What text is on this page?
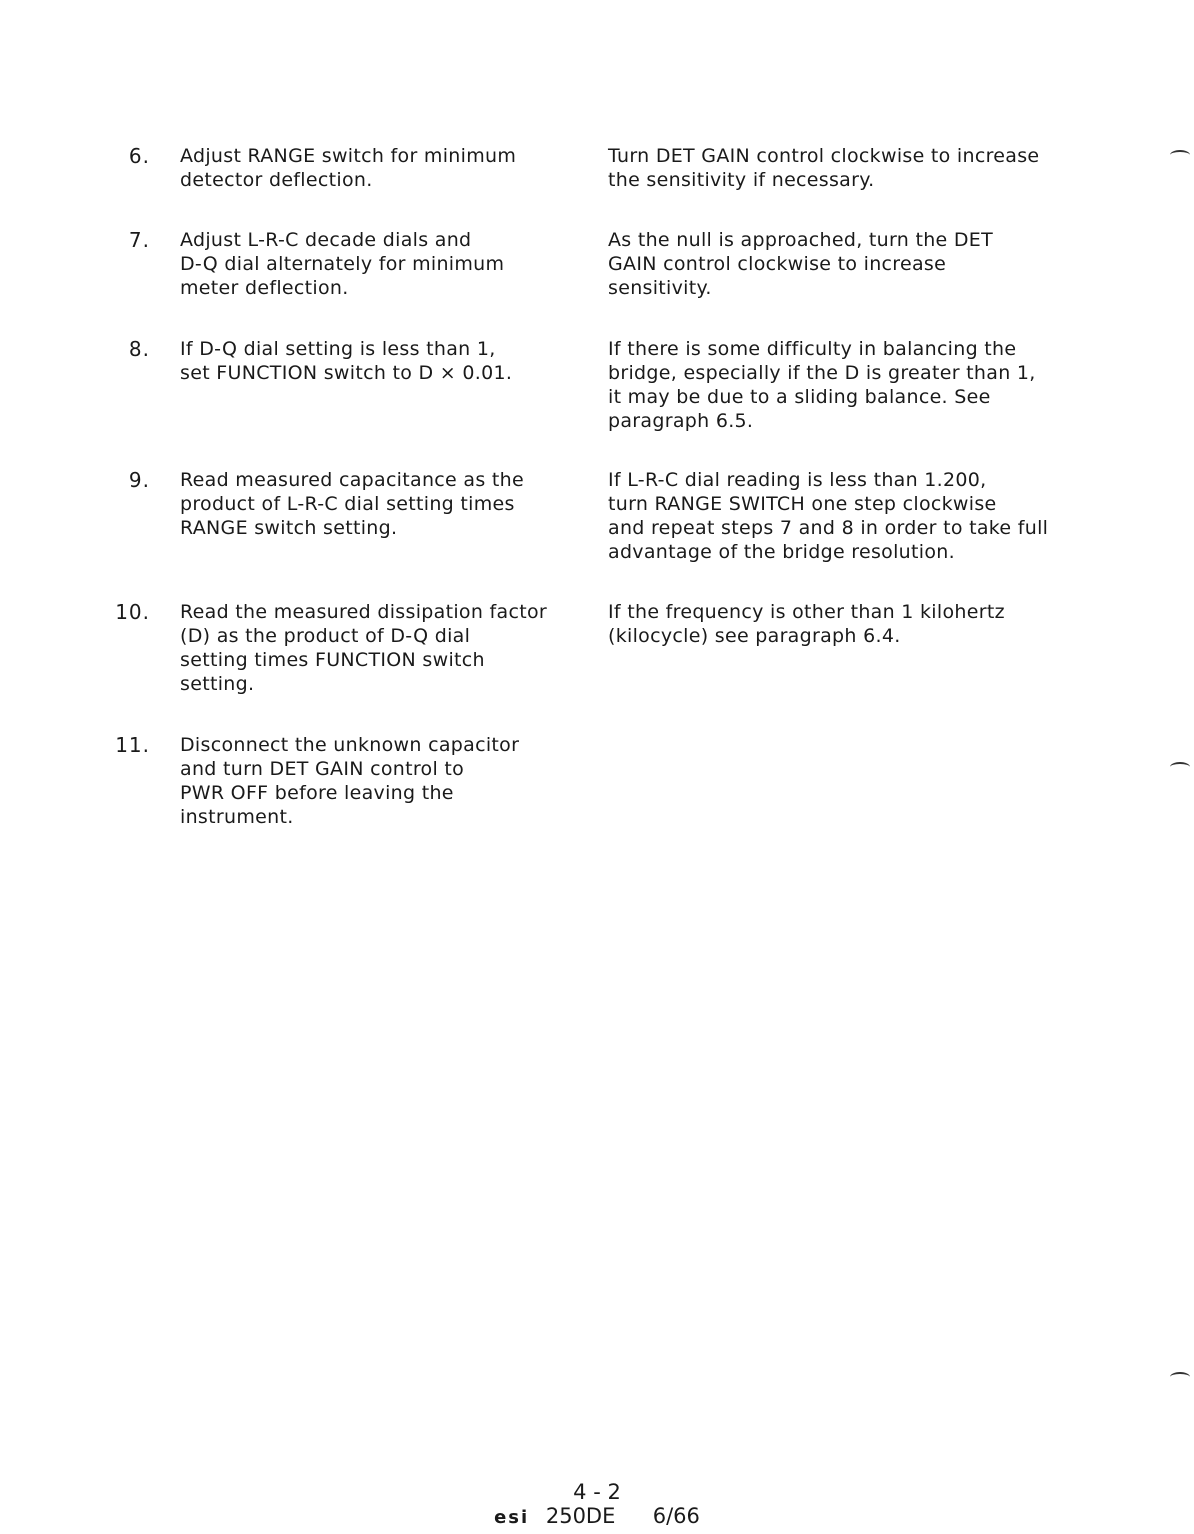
6. Adjust RANGE switch for minimum
detector deflection.
Turn DET GAIN control clockwise to increase
the sensitivity if necessary.
7. Adjust L-R-C decade dials and
D-Q dial alternately for minimum
meter deflection.
As the null is approached, turn the DET
GAIN control clockwise to increase
sensitivity.
8. If D-Q dial setting is less than 1,
set FUNCTION switch to D × 0.01.
If there is some difficulty in balancing the
bridge, especially if the D is greater than 1,
it may be due to a sliding balance. See
paragraph 6.5.
9. Read measured capacitance as the
product of L-R-C dial setting times
RANGE switch setting.
If L-R-C dial reading is less than 1.200,
turn RANGE SWITCH one step clockwise
and repeat steps 7 and 8 in order to take full
advantage of the bridge resolution.
10. Read the measured dissipation factor
(D) as the product of D-Q dial
setting times FUNCTION switch
setting.
If the frequency is other than 1 kilohertz
(kilocycle) see paragraph 6.4.
11. Disconnect the unknown capacitor
and turn DET GAIN control to
PWR OFF before leaving the
instrument.
4 - 2
esi 250DE 6/66
